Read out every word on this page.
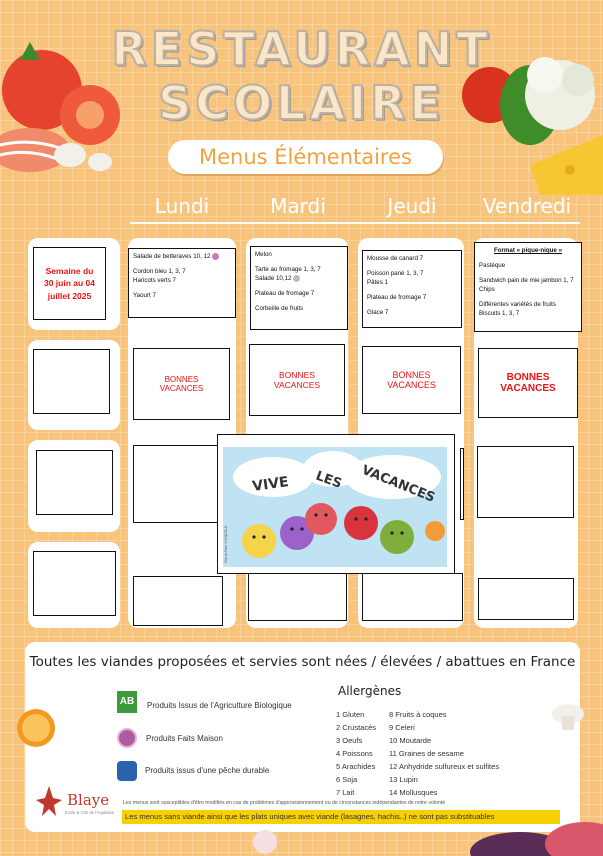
RESTAURANT
SCOLAIRE
Menus Élémentaires
Lundi	Mardi	Jeudi	Vendredi
Semaine du
30 juin au 04
juillet 2025
Salade de betteraves 10, 12
Cordon bleu 1, 3, 7
Haricots verts 7
Yaourt 7
Melon
Tarte au fromage 1, 3, 7
Salade 10,12
Plateau de fromage 7
Corbeille de fruits
Mousse de canard 7
Poisson pané 1, 3, 7
Pâtes 1
Plateau de fromage 7
Glace 7
Format « pique-nique »
Pastèque
Sandwich pain de mie jambon 1, 7
Chips
Différentes variétés de fruits
Biscuits 1, 3, 7
BONNES
VACANCES
BONNES
VACANCES
BONNES
VACANCES
BONNES
VACANCES
VIVE LES VACANCES
Marie-Paul D'ANGELO
Toutes les viandes proposées et servies sont nées / élevées / abattues en France
AB	Produits Issus de l'Agriculture Biologique
Produits Faits Maison
Produits issus d'une pêche durable
Allergènes
1 Gluten
2 Crustacés
3 Oeufs
4 Poissons
5 Arachides
6 Soja
7 Lait
8 Fruits à coques
9 Celeri
10 Moutarde
11 Graines de sesame
12 Anhydride sulfureux et sulfites
13 Lupin
14 Mollusques
Blaye
École & Cité de l'Aquitaine
Les menus sont susceptibles d'être modifiés en cas de problèmes d'approvisionnement ou de circonstances indépendantes de notre volonté
Les menus sans viande ainsi que les plats uniques avec viande (lasagnes, hachis..) ne sont pas substituables
